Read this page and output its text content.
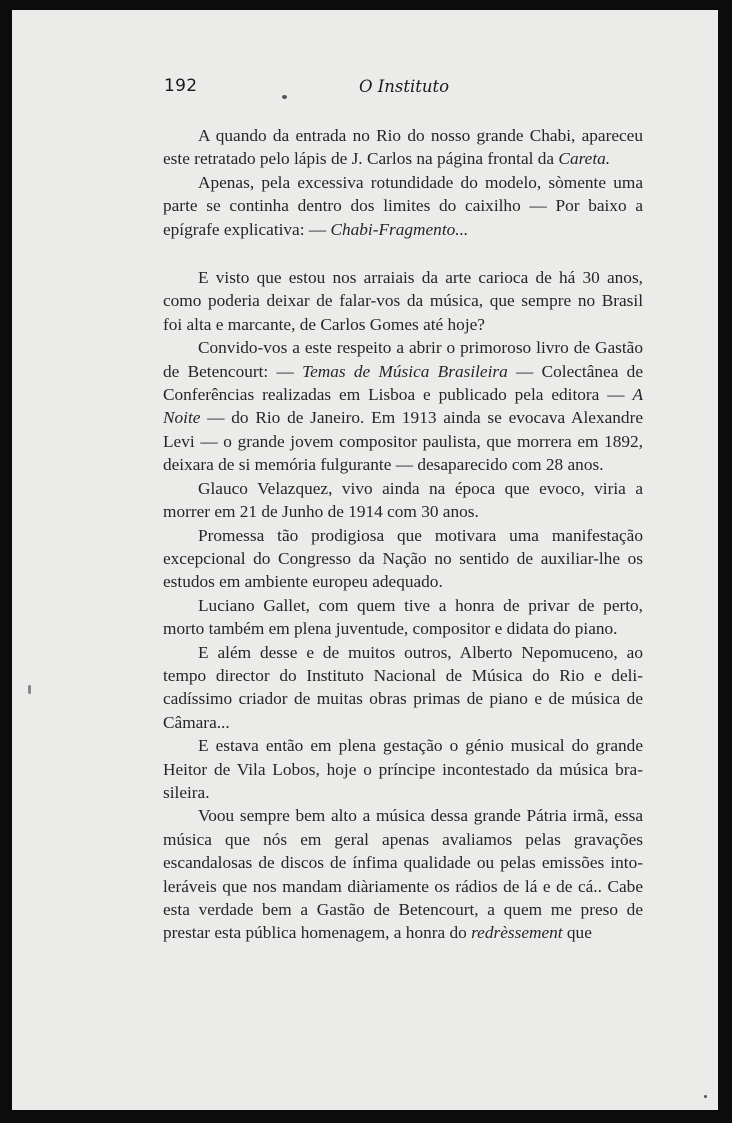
192	O Instituto

A quando da entrada no Rio do nosso grande Chabi, apareceu este retratado pelo lápis de J. Carlos na página frontal da Careta.

Apenas, pela excessiva rotundidade do modelo, sòmente uma parte se continha dentro dos limites do caixilho — Por baixo a epígrafe explicativa: — Chabi-Fragmento...

E visto que estou nos arraiais da arte carioca de há 30 anos, como poderia deixar de falar-vos da música, que sempre no Brasil foi alta e marcante, de Carlos Gomes até hoje?

Convido-vos a este respeito a abrir o primoroso livro de Gastão de Betencourt: — Temas de Música Brasileira — Colectânea de Conferências realizadas em Lisboa e publicado pela editora — A Noite — do Rio de Janeiro. Em 1913 ainda se evocava Alexandre Levi — o grande jovem compositor paulista, que morrera em 1892, deixara de si memória fulgurante — desaparecido com 28 anos.

Glauco Velazquez, vivo ainda na época que evoco, viria a morrer em 21 de Junho de 1914 com 30 anos.

Promessa tão prodigiosa que motivara uma manifestação excepcional do Congresso da Nação no sentido de auxiliar-lhe os estudos em ambiente europeu adequado.

Luciano Gallet, com quem tive a honra de privar de perto, morto também em plena juventude, compositor e didata do piano.

E além desse e de muitos outros, Alberto Nepomuceno, ao tempo director do Instituto Nacional de Música do Rio e delicadíssimo criador de muitas obras primas de piano e de música de Câmara...

E estava então em plena gestação o génio musical do grande Heitor de Vila Lobos, hoje o príncipe incontestado da música brasileira.

Voou sempre bem alto a música dessa grande Pátria irmã, essa música que nós em geral apenas avaliamos pelas gravações escandalosas de discos de ínfima qualidade ou pelas emissões intoleráveis que nos mandam diàriamente os rádios de lá e de cá.. Cabe esta verdade bem a Gastão de Betencourt, a quem me preso de prestar esta pública homenagem, a honra do redrèssement que
